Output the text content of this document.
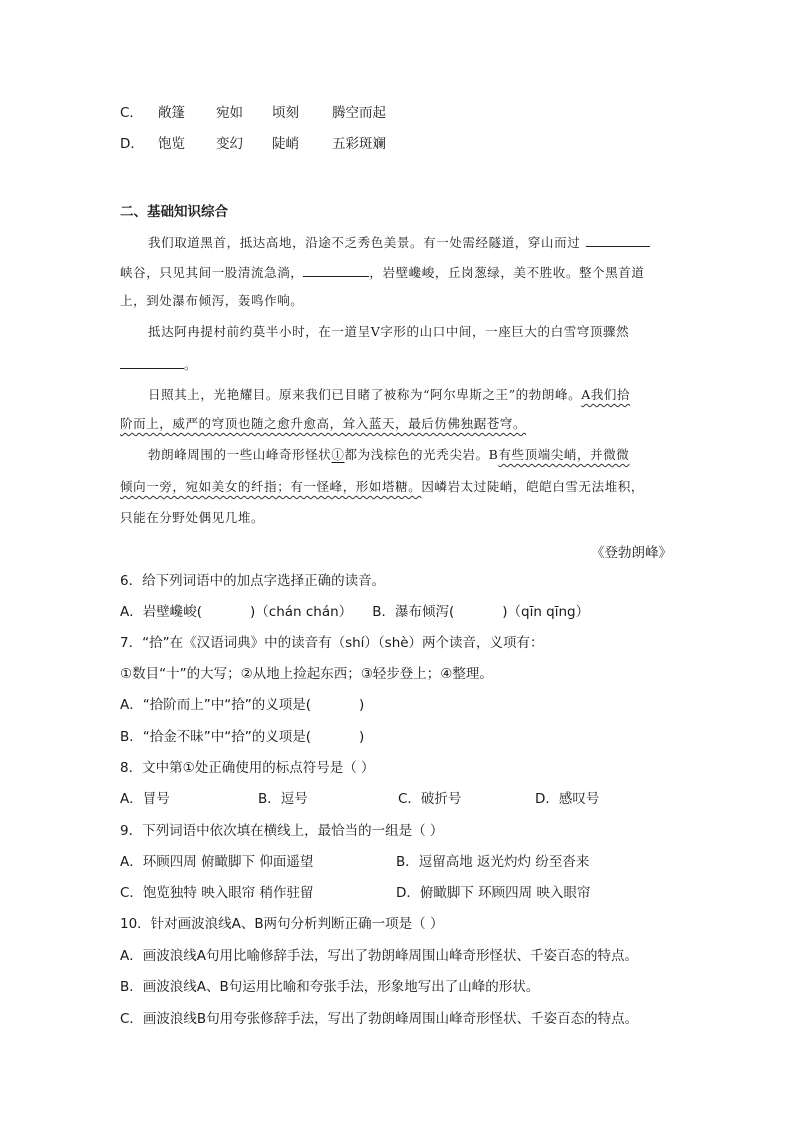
C． 敞篷 宛如 顷刻 腾空而起
D． 饱览 变幻 陡峭 五彩斑斓
二、基础知识综合
我们取道黑首，抵达高地，沿途不乏秀色美景。有一处需经隧道，穿山而过
峡谷，只见其间一股清流急淌，	，岩壁巉峻，丘岗葱绿，美不胜收。整个黑首道
上，到处瀑布倾泻，轰鸣作响。
抵达阿冉提村前约莫半小时，在一道呈V字形的山口中间，一座巨大的白雪穹顶骤然
。
日照其上，光艳耀目。原来我们已目睹了被称为“阿尔卑斯之王”的勃朗峰。A我们拾
阶而上，威严的穹顶也随之愈升愈高，耸入蓝天，最后仿佛独踞苍穹。
勃朗峰周围的一些山峰奇形怪状①都为浅棕色的光秃尖岩。B有些顶端尖峭，并微微
倾向一旁，宛如美女的纤指；有一怪峰，形如塔糖。因嶙岩太过陡峭，皑皑白雪无法堆积，
只能在分野处偶见几堆。
《登勃朗峰》
6．给下列词语中的加点字选择正确的读音。
A．岩壁巉峻(	)（chán chán） B．瀑布倾泻(	)（qīn qīng）
7．“拾”在《汉语词典》中的读音有（shí）（shè）两个读音，义项有：
①数目“十”的大写；②从地上捡起东西；③轻步登上；④整理。
A．“拾阶而上”中“拾”的义项是(	)
B．“拾金不昧”中“拾”的义项是(	)
8．文中第①处正确使用的标点符号是（ ）
A．冒号	B．逗号	C．破折号	D．感叹号
9．下列词语中依次填在横线上，最恰当的一组是（ ）
A．环顾四周 俯瞰脚下 仰面遥望	B．逗留高地 返光灼灼 纷至沓来
C．饱览独特 映入眼帘 稍作驻留	D．俯瞰脚下 环顾四周 映入眼帘
10．针对画波浪线A、B两句分析判断正确一项是（ ）
A．画波浪线A句用比喻修辞手法，写出了勃朗峰周围山峰奇形怪状、千姿百态的特点。
B．画波浪线A、B句运用比喻和夸张手法，形象地写出了山峰的形状。
C．画波浪线B句用夸张修辞手法，写出了勃朗峰周围山峰奇形怪状、千姿百态的特点。
